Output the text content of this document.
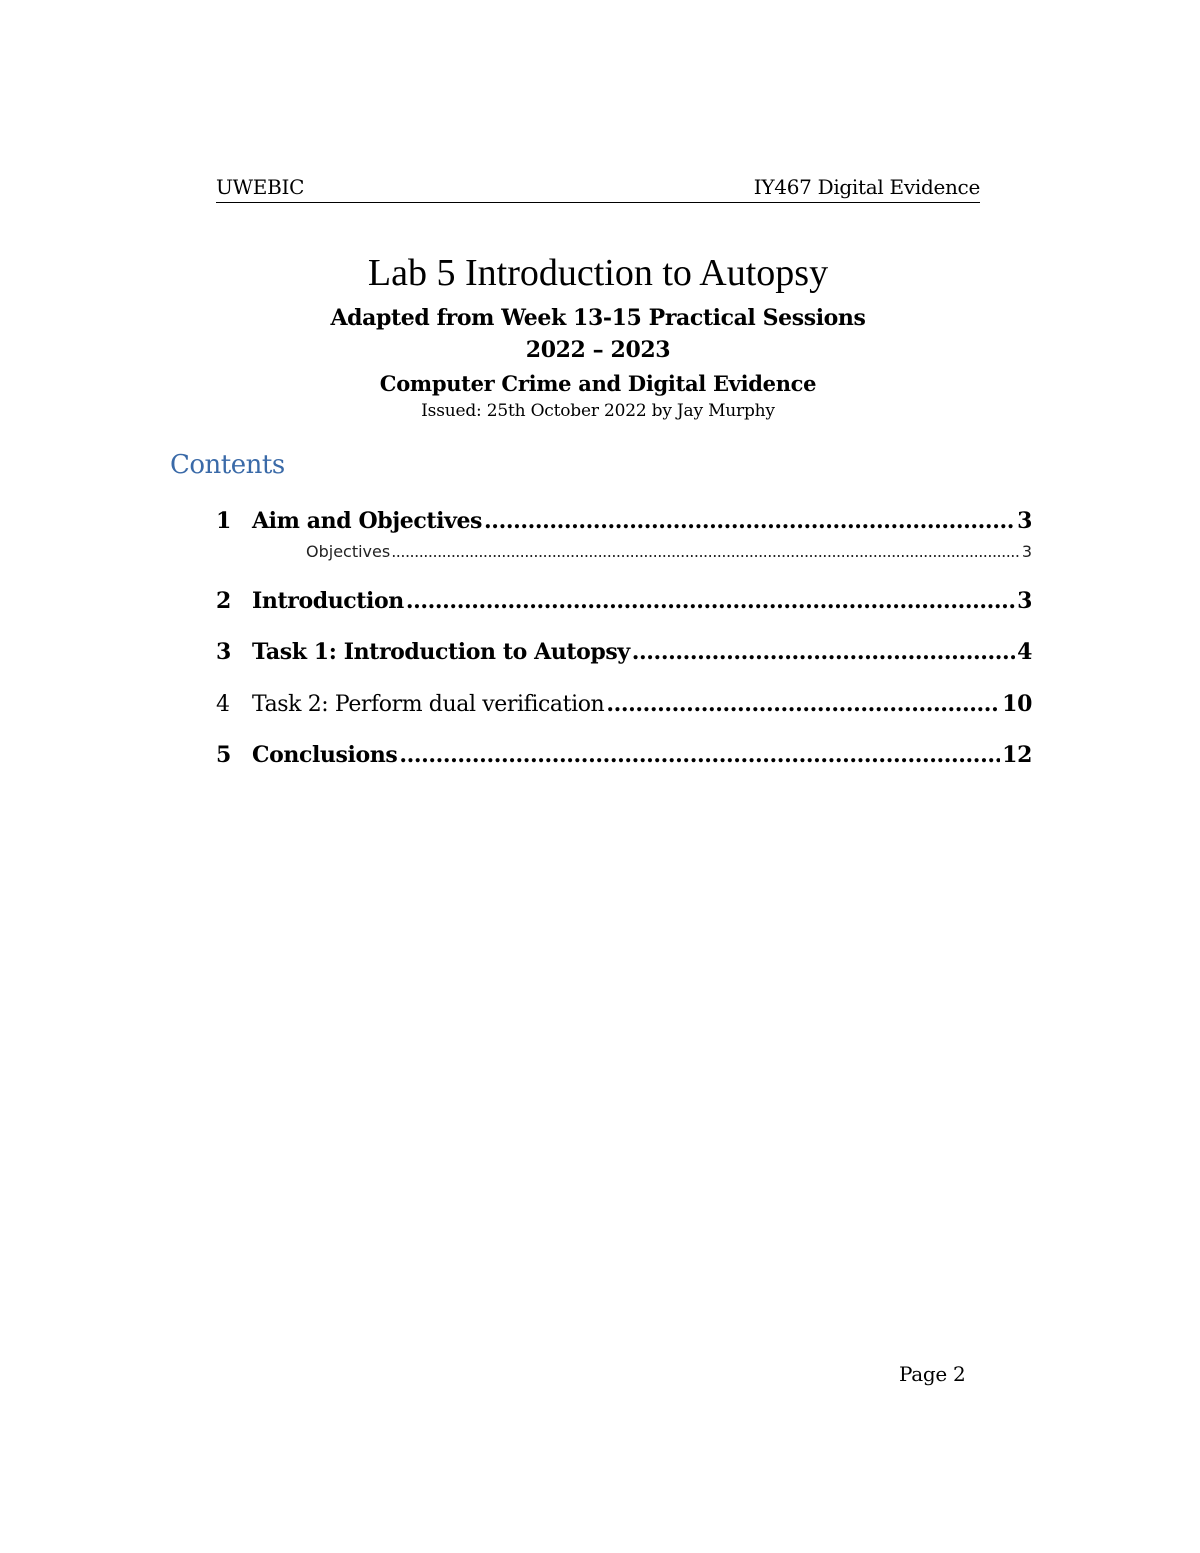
UWEBIC	IY467 Digital Evidence
Lab 5 Introduction to Autopsy
Adapted from Week 13-15 Practical Sessions 2022 – 2023
Computer Crime and Digital Evidence
Issued: 25th October 2022 by Jay Murphy
Contents
1 Aim and Objectives .....	3
Objectives .....	3
2 Introduction .....	3
3 Task 1: Introduction to Autopsy .....	4
4	Task 2: Perform dual verification .....	10
5 Conclusions .....	12
Page 2
